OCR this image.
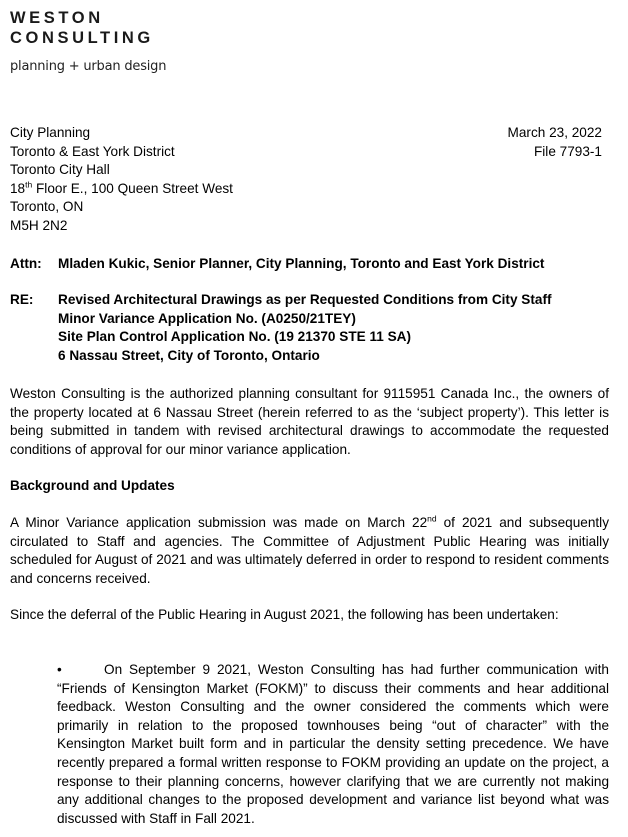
WESTON
CONSULTING
planning + urban design
City Planning
Toronto & East York District
Toronto City Hall
18th Floor E., 100 Queen Street West
Toronto, ON
M5H 2N2
March 23, 2022
File 7793-1
Attn: Mladen Kukic, Senior Planner, City Planning, Toronto and East York District
RE: Revised Architectural Drawings as per Requested Conditions from City Staff
Minor Variance Application No. (A0250/21TEY)
Site Plan Control Application No. (19 21370 STE 11 SA)
6 Nassau Street, City of Toronto, Ontario
Weston Consulting is the authorized planning consultant for 9115951 Canada Inc., the owners of the property located at 6 Nassau Street (herein referred to as the ‘subject property’). This letter is being submitted in tandem with revised architectural drawings to accommodate the requested conditions of approval for our minor variance application.
Background and Updates
A Minor Variance application submission was made on March 22nd of 2021 and subsequently circulated to Staff and agencies. The Committee of Adjustment Public Hearing was initially scheduled for August of 2021 and was ultimately deferred in order to respond to resident comments and concerns received.
Since the deferral of the Public Hearing in August 2021, the following has been undertaken:
•	On September 9 2021, Weston Consulting has had further communication with “Friends of Kensington Market (FOKM)” to discuss their comments and hear additional feedback. Weston Consulting and the owner considered the comments which were primarily in relation to the proposed townhouses being “out of character” with the Kensington Market built form and in particular the density setting precedence. We have recently prepared a formal written response to FOKM providing an update on the project, a response to their planning concerns, however clarifying that we are currently not making any additional changes to the proposed development and variance list beyond what was discussed with Staff in Fall 2021.
